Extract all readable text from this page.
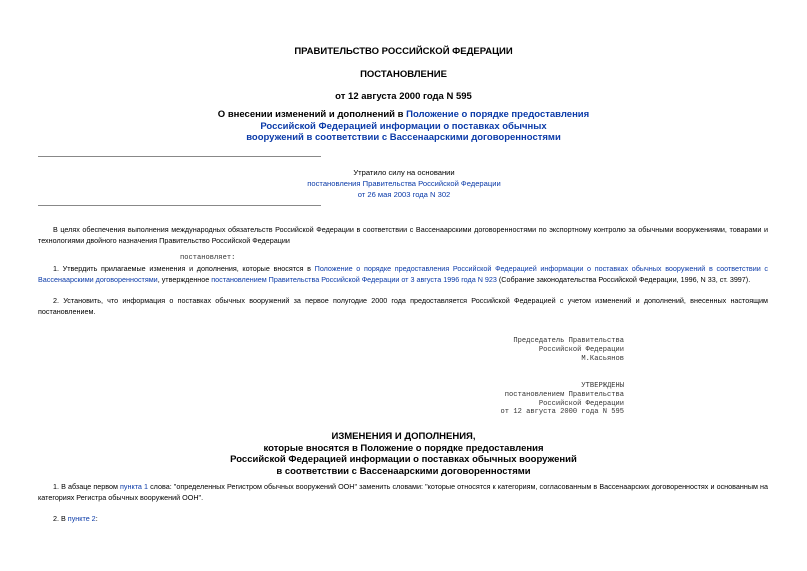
ПРАВИТЕЛЬСТВО РОССИЙСКОЙ ФЕДЕРАЦИИ
ПОСТАНОВЛЕНИЕ
от 12 августа 2000 года N 595
О внесении изменений и дополнений в Положение о порядке предоставления
Российской Федерацией информации о поставках обычных
вооружений в соответствии с Вассенаарскими договоренностями
Утратило силу на основании
постановления Правительства Российской Федерации
от 26 мая 2003 года N 302
В целях обеспечения выполнения международных обязательств Российской Федерации в соответствии с Вассенаарскими договоренностями по экспортному контролю за обычными вооружениями, товарами и технологиями двойного назначения Правительство Российской Федерации
постановляет:
1. Утвердить прилагаемые изменения и дополнения, которые вносятся в Положение о порядке предоставления Российской Федерацией информации о поставках обычных вооружений в соответствии с Вассенаарскими договоренностями, утвержденное постановлением Правительства Российской Федерации от 3 августа 1996 года N 923 (Собрание законодательства Российской Федерации, 1996, N 33, ст. 3997).
2. Установить, что информация о поставках обычных вооружений за первое полугодие 2000 года предоставляется Российской Федерацией с учетом изменений и дополнений, внесенных настоящим постановлением.
Председатель Правительства
Российской Федерации
М.Касьянов
УТВЕРЖДЕНЫ
постановлением Правительства
Российской Федерации
от 12 августа 2000 года N 595
ИЗМЕНЕНИЯ И ДОПОЛНЕНИЯ,
которые вносятся в Положение о порядке предоставления
Российской Федерацией информации о поставках обычных вооружений
в соответствии с Вассенаарскими договоренностями
1. В абзаце первом пункта 1 слова: "определенных Регистром обычных вооружений ООН" заменить словами: "которые относятся к категориям, согласованным в Вассенаарских договоренностях и основанным на категориях Регистра обычных вооружений ООН".
2. В пункте 2:
